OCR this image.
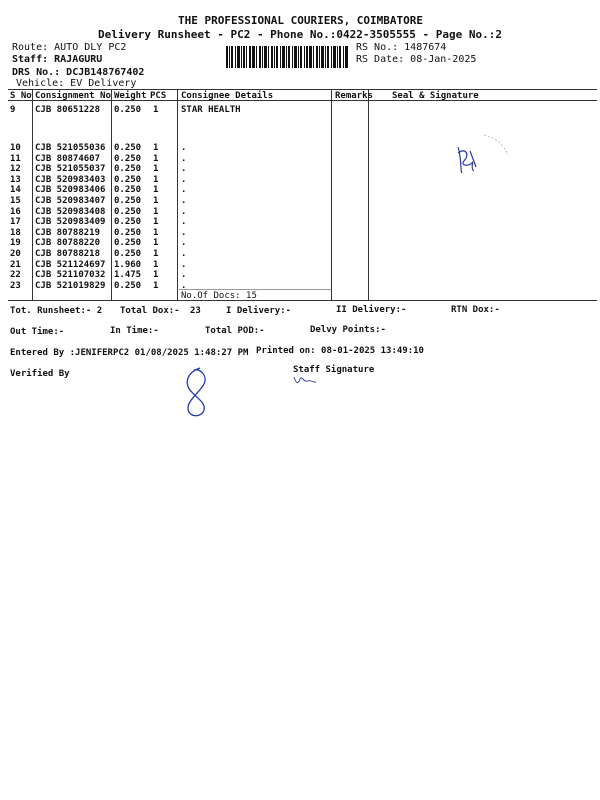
THE PROFESSIONAL COURIERS, COIMBATORE
Delivery Runsheet - PC2 - Phone No.:0422-3505555 - Page No.:2
Route: AUTO DLY PC2
Staff: RAJAGURU
DRS No.: DCJB148767402
Vehicle: EV Delivery
RS No.: 1487674
RS Date: 08-Jan-2025
S No Consignment No Weight PCS Consignee Details	Remarks Seal & Signature
9 CJB 80651228 0.250 1	STAR HEALTH
10 CJB 521055036 0.250 1	.
11 CJB 80874607 0.250 1	.
12 CJB 521055037 0.250 1	.
13 CJB 520983403 0.250 1	.
14 CJB 520983406 0.250 1	.
15 CJB 520983407 0.250 1	.
16 CJB 520983408 0.250 1	.
17 CJB 520983409 0.250 1	.
18 CJB 80788219 0.250 1	.
19 CJB 80788220 0.250 1	.
20 CJB 80788218 0.250 1	.
21 CJB 521124697 1.960 1	.
22 CJB 521107032 1.475 1	.
23 CJB 521019829 0.250 1	.
No.Of Docs: 15
Tot. Runsheet:- 2 Total Dox:- 23	I Delivery:-	II Delivery:-	RTN Dox:-
Out Time:-	In Time:-	Total POD:-	Delvy Points:-
Entered By :JENIFERPC2 01/08/2025 1:48:27 PM Printed on: 08-01-2025 13:49:10
Verified By	Staff Signature
